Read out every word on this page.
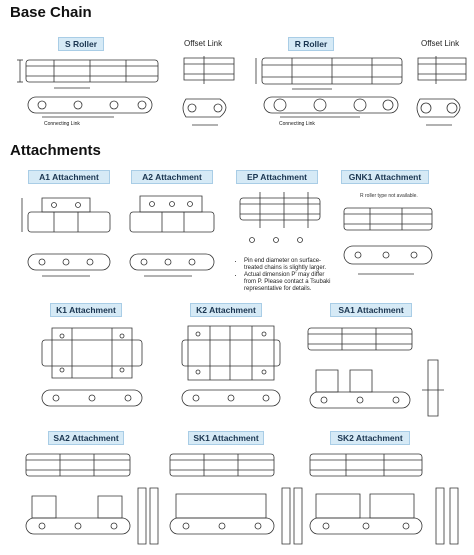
Base Chain
Attachments
S Roller	Offset Link	R Roller	Offset Link
Connecting Link	Connecting Link
A1 Attachment	A2 Attachment	EP Attachment	GNK1 Attachment
R roller type not available.
• Pin end diameter on surface-treated chains is slightly larger.
• Actual dimension P' may differ from P. Please contact a Tsubaki representative for details.
K1 Attachment	K2 Attachment	SA1 Attachment
SA2 Attachment	SK1 Attachment	SK2 Attachment
